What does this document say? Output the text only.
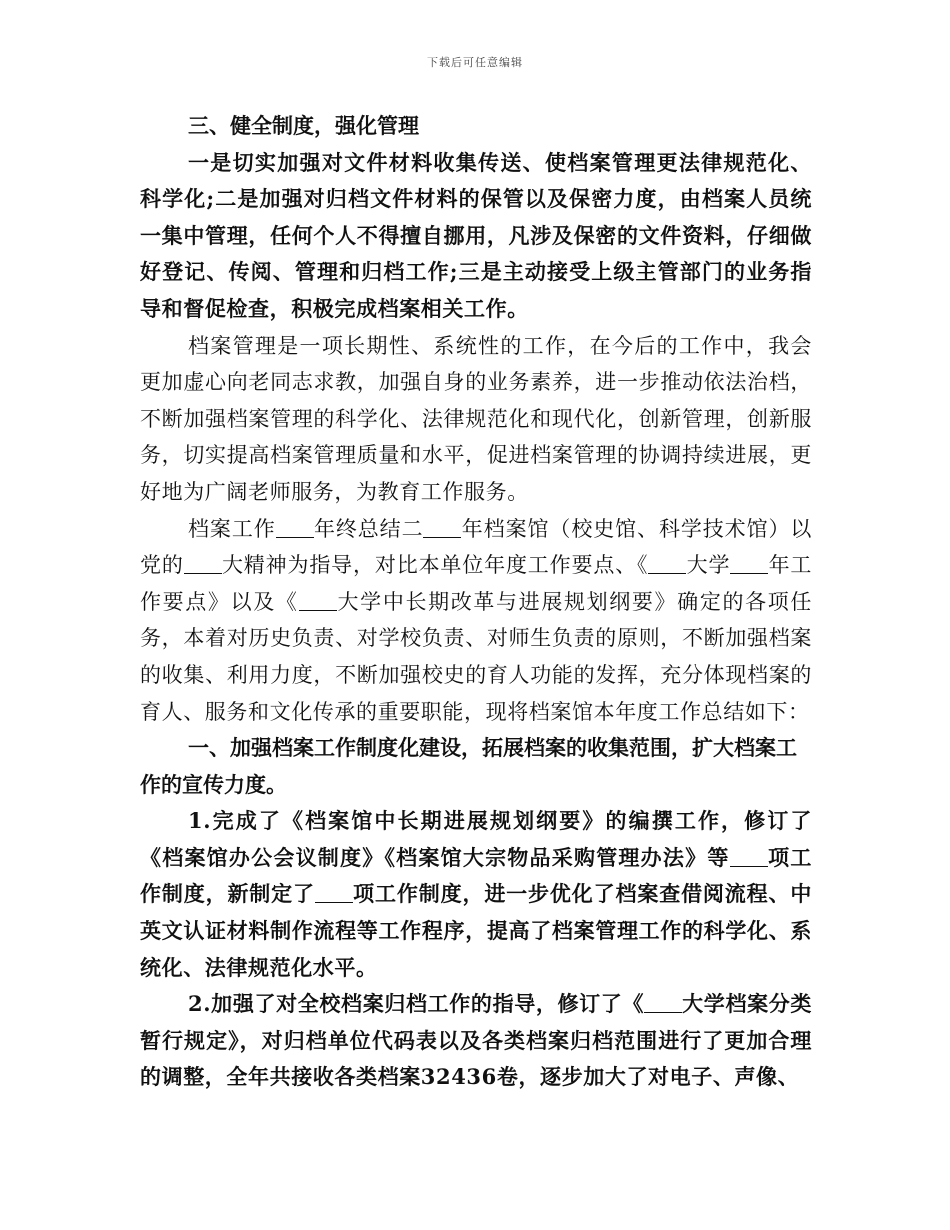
下载后可任意编辑

三、健全制度，强化管理

一是切实加强对文件材料收集传送、使档案管理更法律规范化、科学化;二是加强对归档文件材料的保管以及保密力度，由档案人员统一集中管理，任何个人不得擅自挪用，凡涉及保密的文件资料，仔细做好登记、传阅、管理和归档工作;三是主动接受上级主管部门的业务指导和督促检查，积极完成档案相关工作。

档案管理是一项长期性、系统性的工作，在今后的工作中，我会更加虚心向老同志求教，加强自身的业务素养，进一步推动依法治档，不断加强档案管理的科学化、法律规范化和现代化，创新管理，创新服务，切实提高档案管理质量和水平，促进档案管理的协调持续进展，更好地为广阔老师服务，为教育工作服务。

档案工作 年终总结二 年档案馆（校史馆、科学技术馆）以党的 大精神为指导，对比本单位年度工作要点、《 大学 年工作要点》以及《 大学中长期改革与进展规划纲要》确定的各项任务，本着对历史负责、对学校负责、对师生负责的原则，不断加强档案的收集、利用力度，不断加强校史的育人功能的发挥，充分体现档案的育人、服务和文化传承的重要职能，现将档案馆本年度工作总结如下：

一、加强档案工作制度化建设，拓展档案的收集范围，扩大档案工作的宣传力度。

1.完成了《档案馆中长期进展规划纲要》的编撰工作，修订了《档案馆办公会议制度》《档案馆大宗物品采购管理办法》等 项工作制度，新制定了 项工作制度，进一步优化了档案查借阅流程、中英文认证材料制作流程等工作程序，提高了档案管理工作的科学化、系统化、法律规范化水平。

2.加强了对全校档案归档工作的指导，修订了《 大学档案分类暂行规定》，对归档单位代码表以及各类档案归档范围进行了更加合理的调整，全年共接收各类档案32436卷，逐步加大了对电子、声像、
